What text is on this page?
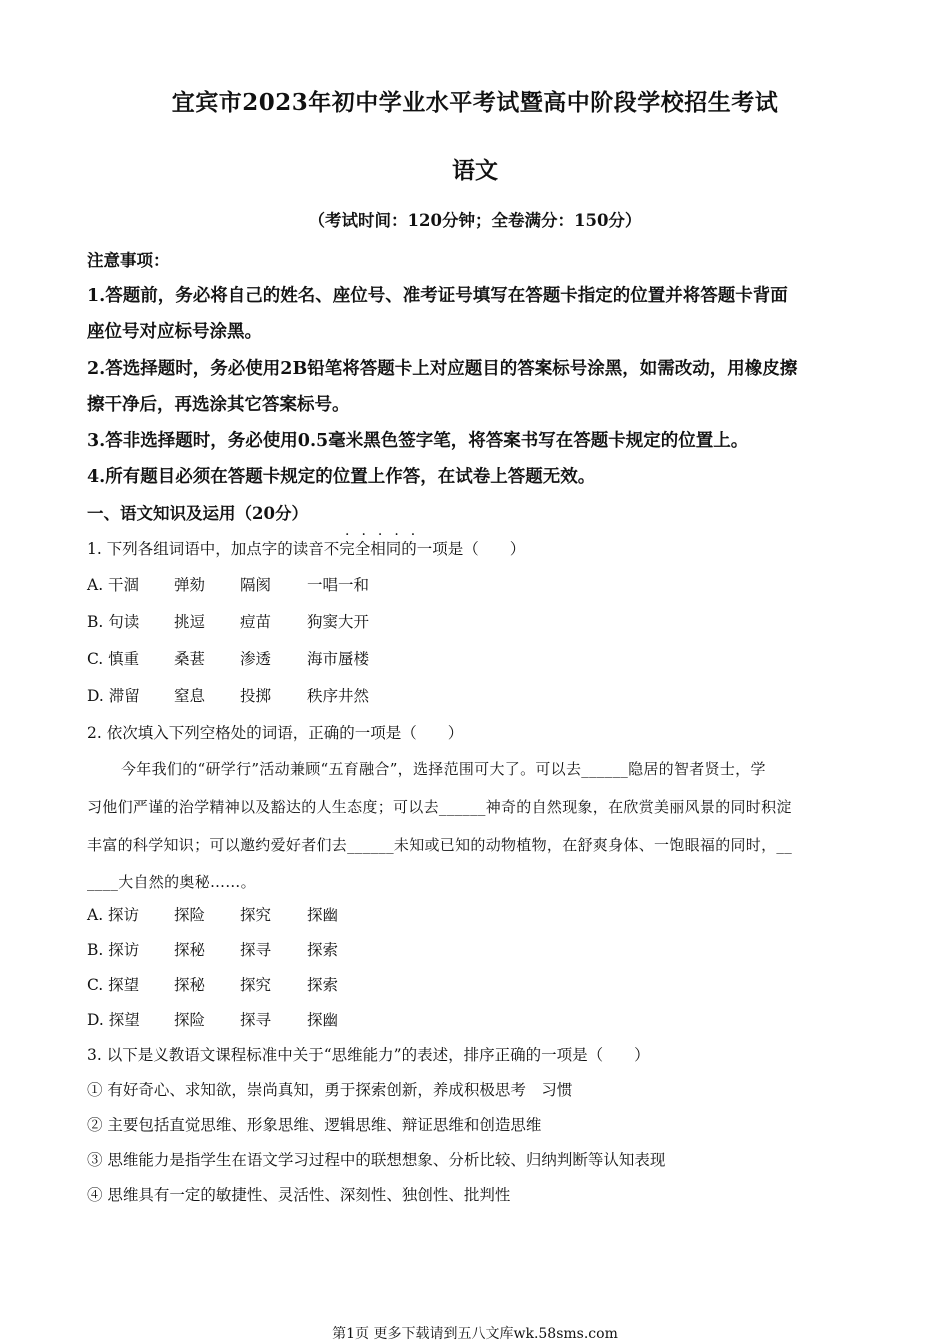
宜宾市2023年初中学业水平考试暨高中阶段学校招生考试
语文
（考试时间：120分钟；全卷满分：150分）
注意事项：
1.答题前，务必将自己的姓名、座位号、准考证号填写在答题卡指定的位置并将答题卡背面
座位号对应标号涂黑。
2.答选择题时，务必使用2B铅笔将答题卡上对应题目的答案标号涂黑，如需改动，用橡皮擦
擦干净后，再选涂其它答案标号。
3.答非选择题时，务必使用0.5毫米黑色签字笔，将答案书写在答题卡规定的位置上。
4.所有题目必须在答题卡规定的位置上作答，在试卷上答题无效。
一、语文知识及运用（20分）
1. 下列各组词语中，加点字的读音不完全相同的一项是（　　）
·····
A. 干涸 弹劾 隔阂 一唱一和
B. 句读 挑逗 痘苗 狗窦大开
C. 慎重 桑葚 渗透 海市蜃楼
D. 滞留 窒息 投掷 秩序井然
2. 依次填入下列空格处的词语，正确的一项是（　　）
今年我们的“研学行”活动兼顾“五育融合”，选择范围可大了。可以去______隐居的智者贤士，学
习他们严谨的治学精神以及豁达的人生态度；可以去______神奇的自然现象，在欣赏美丽风景的同时积淀
丰富的科学知识；可以邀约爱好者们去______未知或已知的动物植物，在舒爽身体、一饱眼福的同时，__
____大自然的奥秘……。
A. 探访 探险 探究 探幽
B. 探访 探秘 探寻 探索
C. 探望 探秘 探究 探索
D. 探望 探险 探寻 探幽
3. 以下是义教语文课程标准中关于“思维能力”的表述，排序正确的一项是（　　）
① 有好奇心、求知欲，崇尚真知，勇于探索创新，养成积极思考　习惯
② 主要包括直觉思维、形象思维、逻辑思维、辩证思维和创造思维
③ 思维能力是指学生在语文学习过程中的联想想象、分析比较、归纳判断等认知表现
④ 思维具有一定的敏捷性、灵活性、深刻性、独创性、批判性
第1页 更多下载请到五八文库wk.58sms.com
